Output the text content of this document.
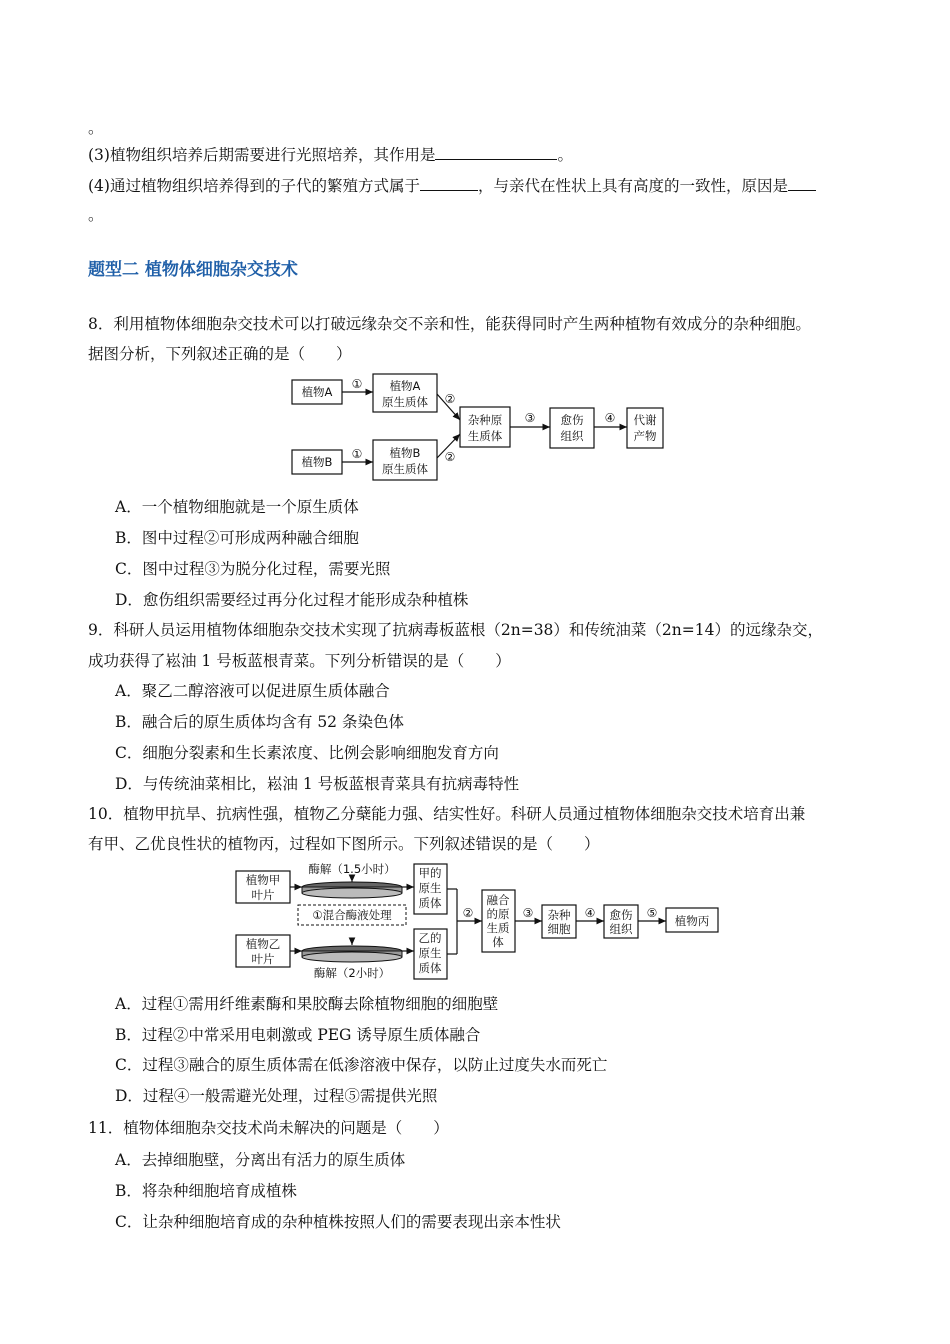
。
(3)植物组织培养后期需要进行光照培养，其作用是	。
(4)通过植物组织培养得到的子代的繁殖方式属于	，与亲代在性状上具有高度的一致性，原因是
。
题型二 植物体细胞杂交技术
8．利用植物体细胞杂交技术可以打破远缘杂交不亲和性，能获得同时产生两种植物有效成分的杂种细胞。
据图分析，下列叙述正确的是（　　）
植物A
植物B
植物A
原生质体
植物B
原生质体
杂种原
生质体
愈伤
组织
代谢
产物
①
①
②
②
③	④
A．一个植物细胞就是一个原生质体
B．图中过程②可形成两种融合细胞
C．图中过程③为脱分化过程，需要光照
D．愈伤组织需要经过再分化过程才能形成杂种植株
9．科研人员运用植物体细胞杂交技术实现了抗病毒板蓝根（2n=38）和传统油菜（2n=14）的远缘杂交，
成功获得了崧油 1 号板蓝根青菜。下列分析错误的是（　　）
A．聚乙二醇溶液可以促进原生质体融合
B．融合后的原生质体均含有 52 条染色体
C．细胞分裂素和生长素浓度、比例会影响细胞发育方向
D．与传统油菜相比，崧油 1 号板蓝根青菜具有抗病毒特性
10．植物甲抗旱、抗病性强，植物乙分蘖能力强、结实性好。科研人员通过植物体细胞杂交技术培育出兼
有甲、乙优良性状的植物丙，过程如下图所示。下列叙述错误的是（　　）
植物甲
叶片
植物乙
叶片
酶解（1.5小时）
酶解（2小时）
①混合酶液处理
甲的
原生
质体
乙的
原生
质体
融合
的原
生质
体
杂种
细胞
愈伤
组织
植物丙
②	③	④	⑤
A．过程①需用纤维素酶和果胶酶去除植物细胞的细胞壁
B．过程②中常采用电刺激或 PEG 诱导原生质体融合
C．过程③融合的原生质体需在低渗溶液中保存，以防止过度失水而死亡
D．过程④一般需避光处理，过程⑤需提供光照
11．植物体细胞杂交技术尚未解决的问题是（　　）
A．去掉细胞壁，分离出有活力的原生质体
B．将杂种细胞培育成植株
C．让杂种细胞培育成的杂种植株按照人们的需要表现出亲本性状
